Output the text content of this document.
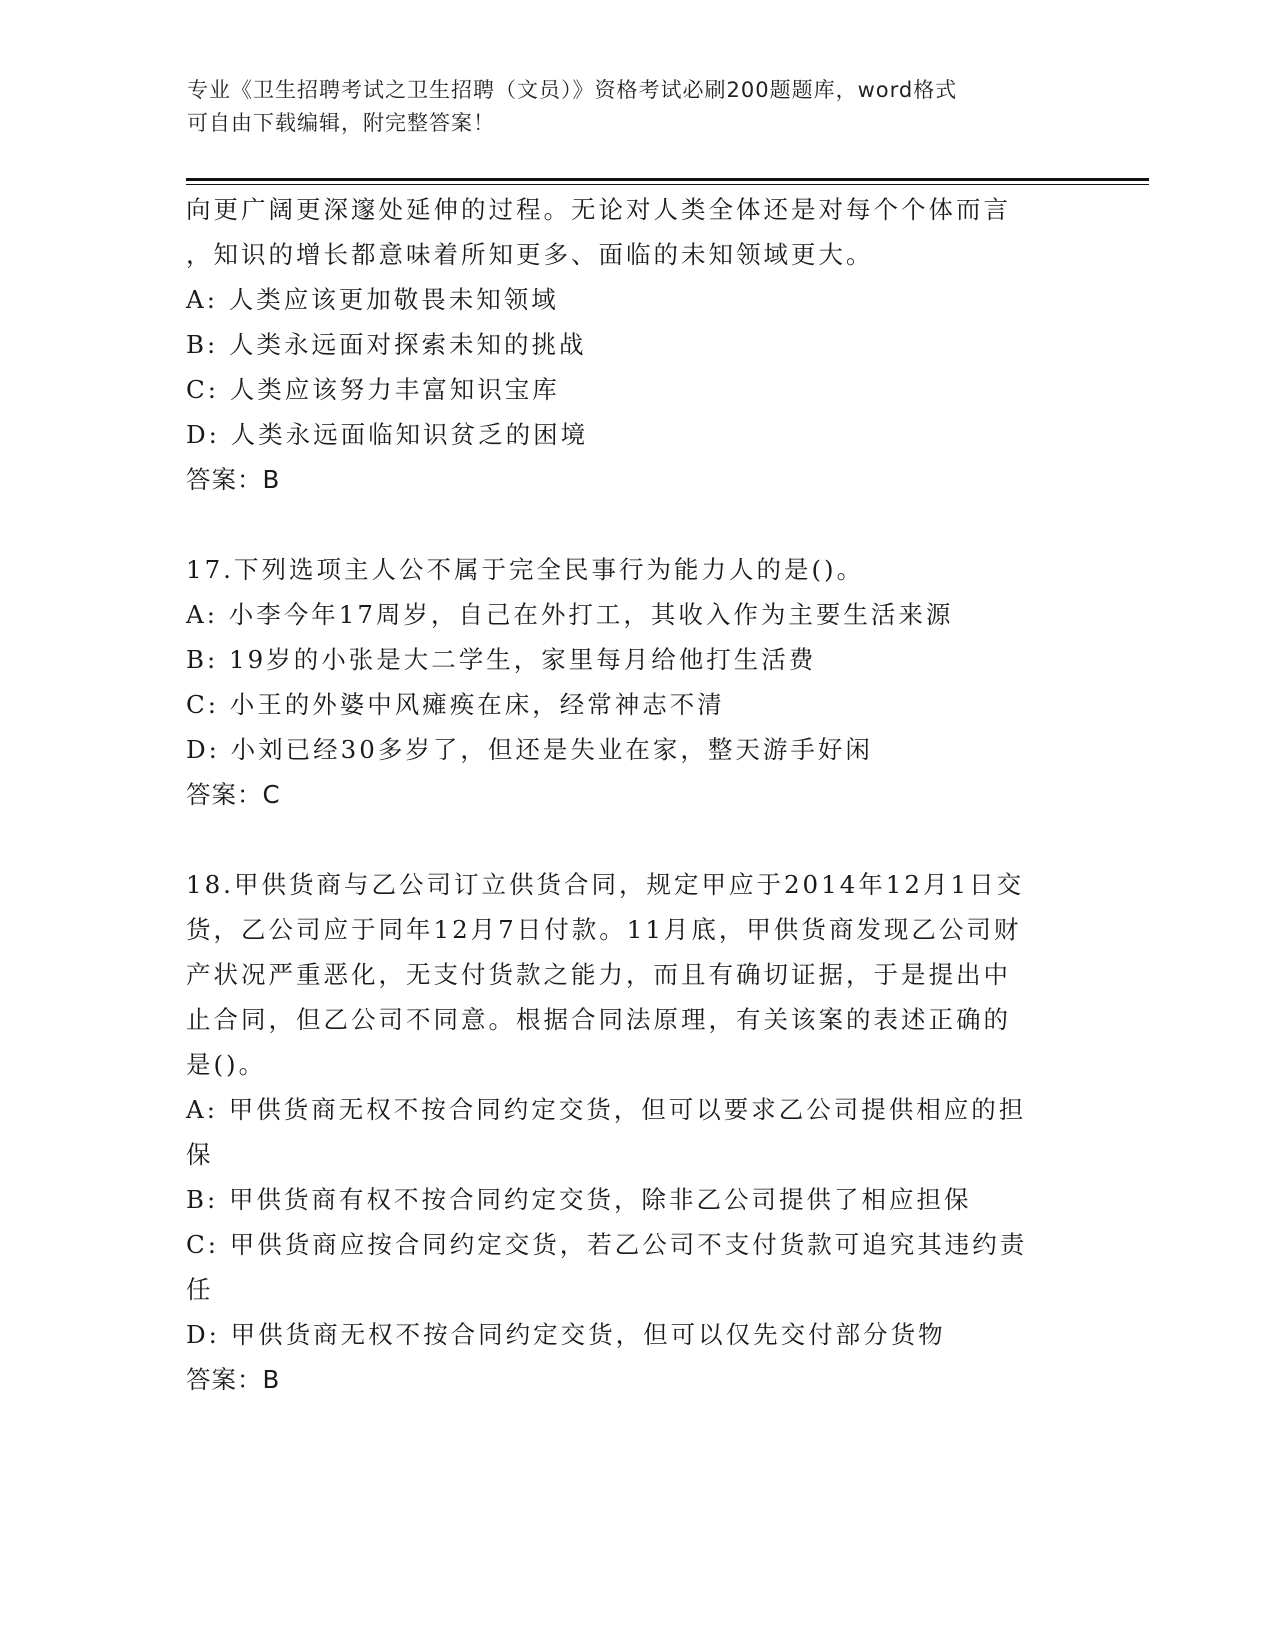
专业《卫生招聘考试之卫生招聘（文员）》资格考试必刷200题题库，word格式
可自由下载编辑，附完整答案！
向更广阔更深邃处延伸的过程。无论对人类全体还是对每个个体而言
，知识的增长都意味着所知更多、面临的未知领域更大。
A: 人类应该更加敬畏未知领域
B: 人类永远面对探索未知的挑战
C: 人类应该努力丰富知识宝库
D: 人类永远面临知识贫乏的困境
答案：B
17.下列选项主人公不属于完全民事行为能力人的是()。
A: 小李今年17周岁，自己在外打工，其收入作为主要生活来源
B: 19岁的小张是大二学生，家里每月给他打生活费
C: 小王的外婆中风瘫痪在床，经常神志不清
D: 小刘已经30多岁了，但还是失业在家，整天游手好闲
答案：C
18.甲供货商与乙公司订立供货合同，规定甲应于2014年12月1日交
货，乙公司应于同年12月7日付款。11月底，甲供货商发现乙公司财
产状况严重恶化，无支付货款之能力，而且有确切证据，于是提出中
止合同，但乙公司不同意。根据合同法原理，有关该案的表述正确的
是()。
A: 甲供货商无权不按合同约定交货，但可以要求乙公司提供相应的担
保
B: 甲供货商有权不按合同约定交货，除非乙公司提供了相应担保
C: 甲供货商应按合同约定交货，若乙公司不支付货款可追究其违约责
任
D: 甲供货商无权不按合同约定交货，但可以仅先交付部分货物
答案：B
